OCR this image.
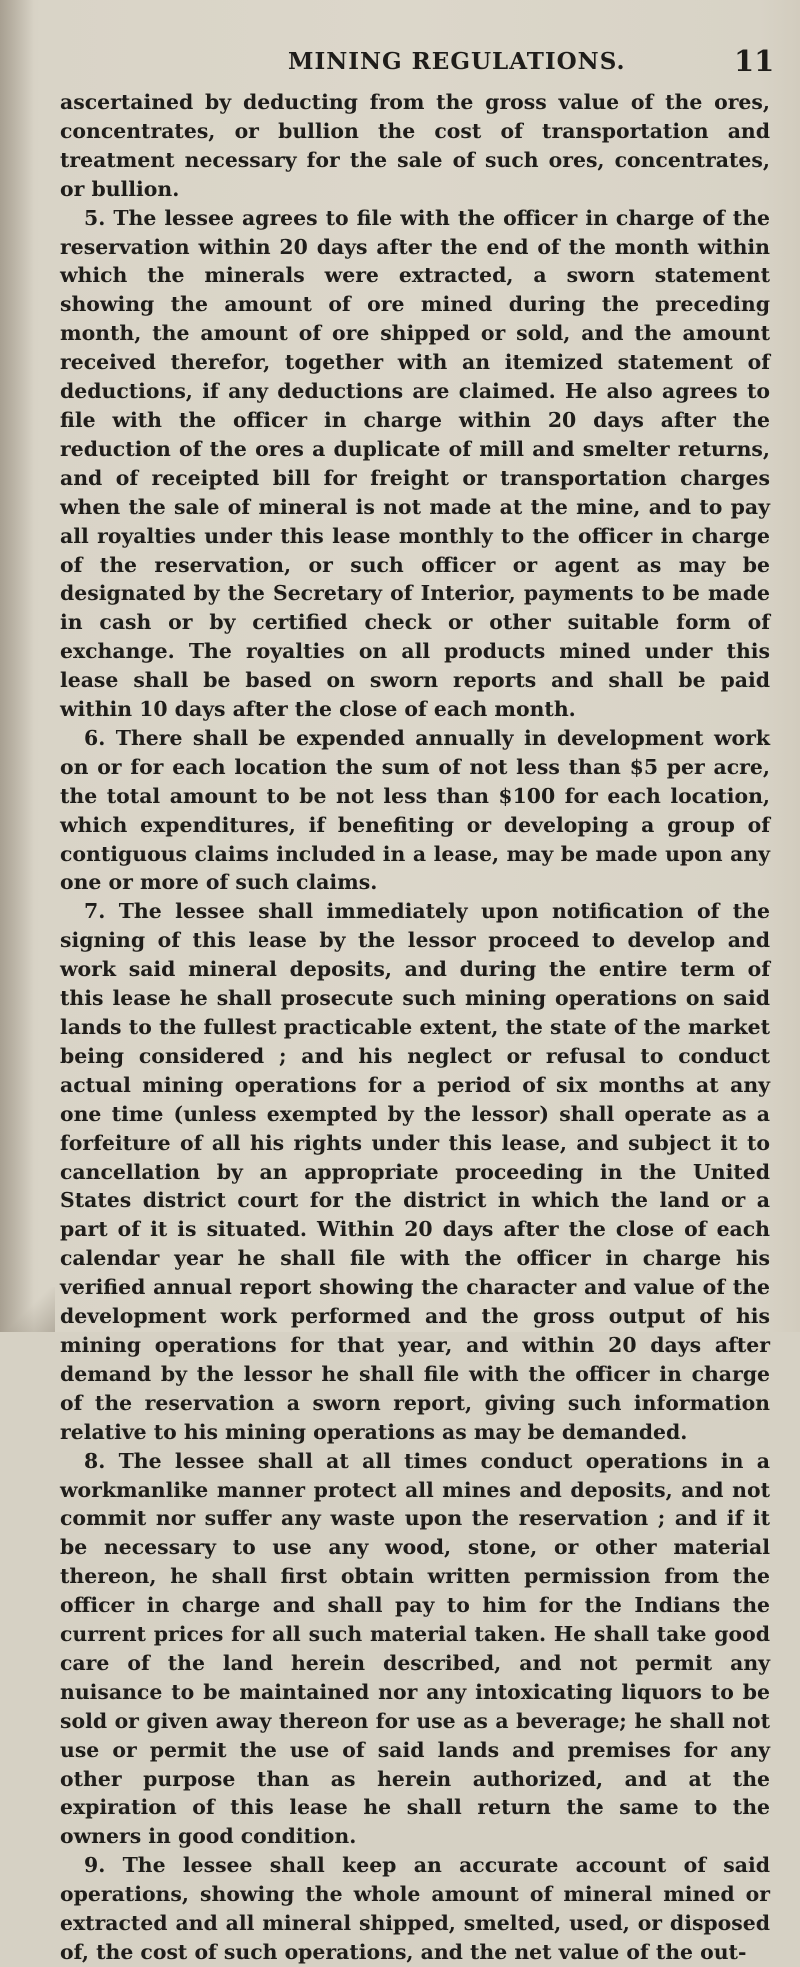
MINING REGULATIONS.	11

ascertained by deducting from the gross value of the ores, concentrates, or bullion the cost of transportation and treatment necessary for the sale of such ores, concentrates, or bullion.

5. The lessee agrees to file with the officer in charge of the reservation within 20 days after the end of the month within which the minerals were extracted, a sworn statement showing the amount of ore mined during the preceding month, the amount of ore shipped or sold, and the amount received therefor, together with an itemized statement of deductions, if any deductions are claimed. He also agrees to file with the officer in charge within 20 days after the reduction of the ores a duplicate of mill and smelter returns, and of receipted bill for freight or transportation charges when the sale of mineral is not made at the mine, and to pay all royalties under this lease monthly to the officer in charge of the reservation, or such officer or agent as may be designated by the Secretary of Interior, payments to be made in cash or by certified check or other suitable form of exchange. The royalties on all products mined under this lease shall be based on sworn reports and shall be paid within 10 days after the close of each month.

6. There shall be expended annually in development work on or for each location the sum of not less than $5 per acre, the total amount to be not less than $100 for each location, which expenditures, if benefiting or developing a group of contiguous claims included in a lease, may be made upon any one or more of such claims.

7. The lessee shall immediately upon notification of the signing of this lease by the lessor proceed to develop and work said mineral deposits, and during the entire term of this lease he shall prosecute such mining operations on said lands to the fullest practicable extent, the state of the market being considered ; and his neglect or refusal to conduct actual mining operations for a period of six months at any one time (unless exempted by the lessor) shall operate as a forfeiture of all his rights under this lease, and subject it to cancellation by an appropriate proceeding in the United States district court for the district in which the land or a part of it is situated. Within 20 days after the close of each calendar year he shall file with the officer in charge his verified annual report showing the character and value of the development work performed and the gross output of his mining operations for that year, and within 20 days after demand by the lessor he shall file with the officer in charge of the reservation a sworn report, giving such information relative to his mining operations as may be demanded.

8. The lessee shall at all times conduct operations in a workmanlike manner protect all mines and deposits, and not commit nor suffer any waste upon the reservation ; and if it be necessary to use any wood, stone, or other material thereon, he shall first obtain written permission from the officer in charge and shall pay to him for the Indians the current prices for all such material taken. He shall take good care of the land herein described, and not permit any nuisance to be maintained nor any intoxicating liquors to be sold or given away thereon for use as a beverage; he shall not use or permit the use of said lands and premises for any other purpose than as herein authorized, and at the expiration of this lease he shall return the same to the owners in good condition.

9. The lessee shall keep an accurate account of said operations, showing the whole amount of mineral mined or extracted and all mineral shipped, smelted, used, or disposed of, the cost of such operations, and the net value of the out-
